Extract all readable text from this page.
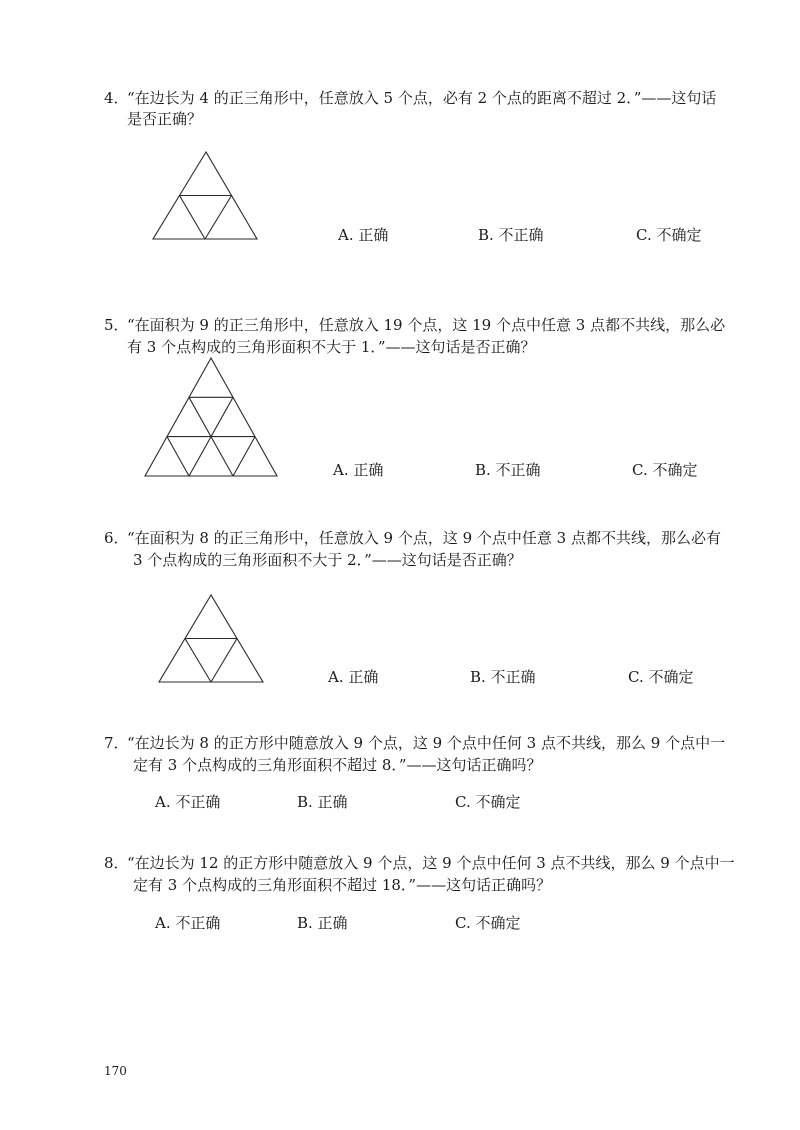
4．
“在边长为 4 的正三角形中，任意放入 5 个点，必有 2 个点的距离不超过 2．”——这句话
是否正确？
A. 正确	B. 不正确	C. 不确定
5．
“在面积为 9 的正三角形中，任意放入 19 个点，这 19 个点中任意 3 点都不共线，那么必
有 3 个点构成的三角形面积不大于 1．”——这句话是否正确？
A. 正确	B. 不正确	C. 不确定
6．
“在面积为 8 的正三角形中，任意放入 9 个点，这 9 个点中任意 3 点都不共线，那么必有
3 个点构成的三角形面积不大于 2．”——这句话是否正确？
A. 正确	B. 不正确	C. 不确定
7．
“在边长为 8 的正方形中随意放入 9 个点，这 9 个点中任何 3 点不共线，那么 9 个点中一
定有 3 个点构成的三角形面积不超过 8．”——这句话正确吗？
A. 不正确	B. 正确	C. 不确定
8．
“在边长为 12 的正方形中随意放入 9 个点，这 9 个点中任何 3 点不共线，那么 9 个点中一
定有 3 个点构成的三角形面积不超过 18．”——这句话正确吗？
A. 不正确	B. 正确	C. 不确定
170
